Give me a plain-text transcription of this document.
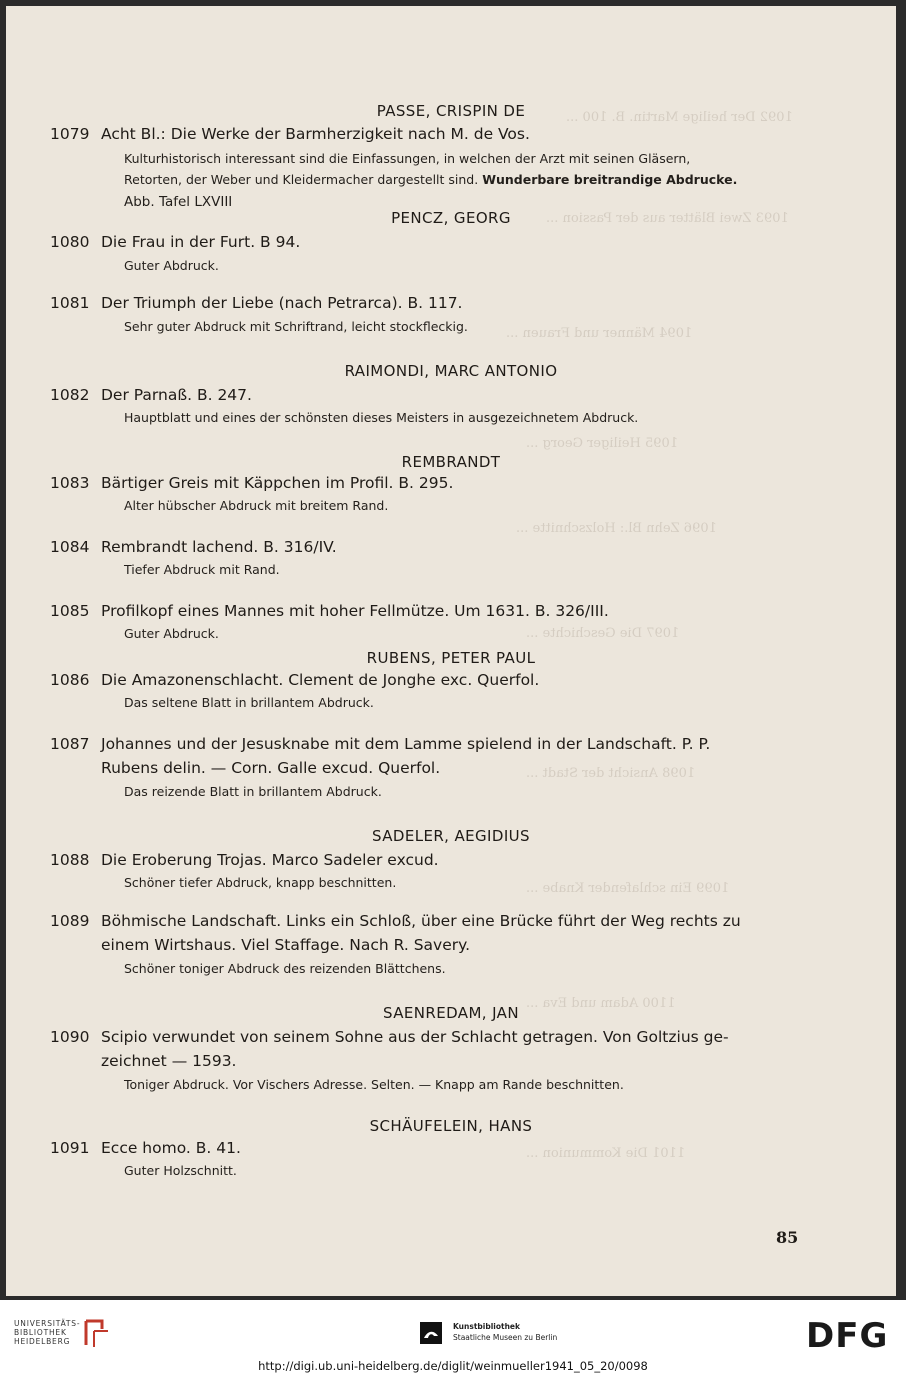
1092 Der heilige Martin. B. 100 ...
1093 Zwei Blätter aus der Passion ...
1094 Männer und Frauen ...
1095 Heiliger Georg ...
1096 Zehn Bl.: Holzschnitte ...
1097 Die Geschichte ...
1098 Ansicht der Stadt ...
1099 Ein schlafender Knabe ...
1100 Adam und Eva ...
1101 Die Kommunion ...
PASSE, CRISPIN DE
1079 Acht Bl.: Die Werke der Barmherzigkeit nach M. de Vos.
Kulturhistorisch interessant sind die Einfassungen, in welchen der Arzt mit seinen Gläsern,
Retorten, der Weber und Kleidermacher dargestellt sind. Wunderbare breitrandige Abdrucke.
Abb. Tafel LXVIII
PENCZ, GEORG
1080 Die Frau in der Furt. B 94.
Guter Abdruck.
1081 Der Triumph der Liebe (nach Petrarca). B. 117.
Sehr guter Abdruck mit Schriftrand, leicht stockfleckig.
RAIMONDI, MARC ANTONIO
1082 Der Parnaß. B. 247.
Hauptblatt und eines der schönsten dieses Meisters in ausgezeichnetem Abdruck.
REMBRANDT
1083 Bärtiger Greis mit Käppchen im Profil. B. 295.
Alter hübscher Abdruck mit breitem Rand.
1084 Rembrandt lachend. B. 316/IV.
Tiefer Abdruck mit Rand.
1085 Profilkopf eines Mannes mit hoher Fellmütze. Um 1631. B. 326/III.
Guter Abdruck.
RUBENS, PETER PAUL
1086 Die Amazonenschlacht. Clement de Jonghe exc. Querfol.
Das seltene Blatt in brillantem Abdruck.
1087 Johannes und der Jesusknabe mit dem Lamme spielend in der Landschaft. P. P.
Rubens delin. — Corn. Galle excud. Querfol.
Das reizende Blatt in brillantem Abdruck.
SADELER, AEGIDIUS
1088 Die Eroberung Trojas. Marco Sadeler excud.
Schöner tiefer Abdruck, knapp beschnitten.
1089 Böhmische Landschaft. Links ein Schloß, über eine Brücke führt der Weg rechts zu
einem Wirtshaus. Viel Staffage. Nach R. Savery.
Schöner toniger Abdruck des reizenden Blättchens.
SAENREDAM, JAN
1090 Scipio verwundet von seinem Sohne aus der Schlacht getragen. Von Goltzius ge-
zeichnet — 1593.
Toniger Abdruck. Vor Vischers Adresse. Selten. — Knapp am Rande beschnitten.
SCHÄUFELEIN, HANS
1091 Ecce homo. B. 41.
Guter Holzschnitt.
85
UNIVERSITÄTS-
BIBLIOTHEK
HEIDELBERG
Kunstbibliothek
Staatliche Museen zu Berlin	DFG
http://digi.ub.uni-heidelberg.de/diglit/weinmueller1941_05_20/0098
